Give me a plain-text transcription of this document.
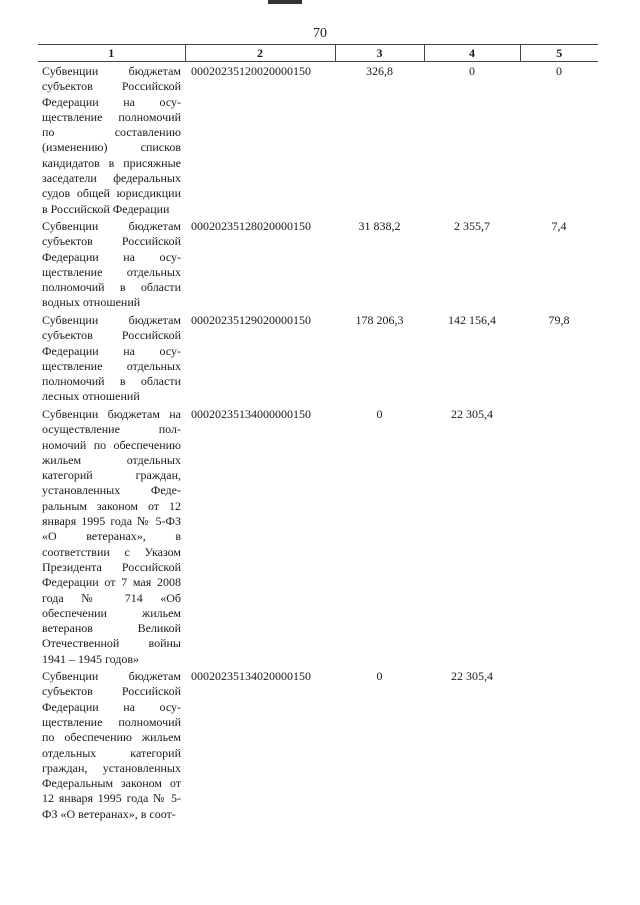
70
1	2	3	4	5
Субвенции бюджетам субъектов Российской Федерации на осуществление полномочий по составлению (изменению) списков кандидатов в присяжные заседатели федеральных судов общей юрисдикции в Российской Федерации	00020235120020000150	326,8	0	0
Субвенции бюджетам субъектов Российской Федерации на осуществление отдельных полномочий в области водных отношений	00020235128020000150	31 838,2	2 355,7	7,4
Субвенции бюджетам субъектов Российской Федерации на осуществление отдельных полномочий в области лесных отношений	00020235129020000150	178 206,3	142 156,4	79,8
Субвенции бюджетам на осуществление полномочий по обеспечению жильем отдельных категорий граждан, установленных Федеральным законом от 12 января 1995 года № 5-ФЗ «О ветеранах», в соответствии с Указом Президента Российской Федерации от 7 мая 2008 года № 714 «Об обеспечении жильем ветеранов Великой Отечественной войны 1941 – 1945 годов»	00020235134000000150	0	22 305,4	
Субвенции бюджетам субъектов Российской Федерации на осуществление полномочий по обеспечению жильем отдельных категорий граждан, установленных Федеральным законом от 12 января 1995 года № 5-ФЗ «О ветеранах», в соот-	00020235134020000150	0	22 305,4	
